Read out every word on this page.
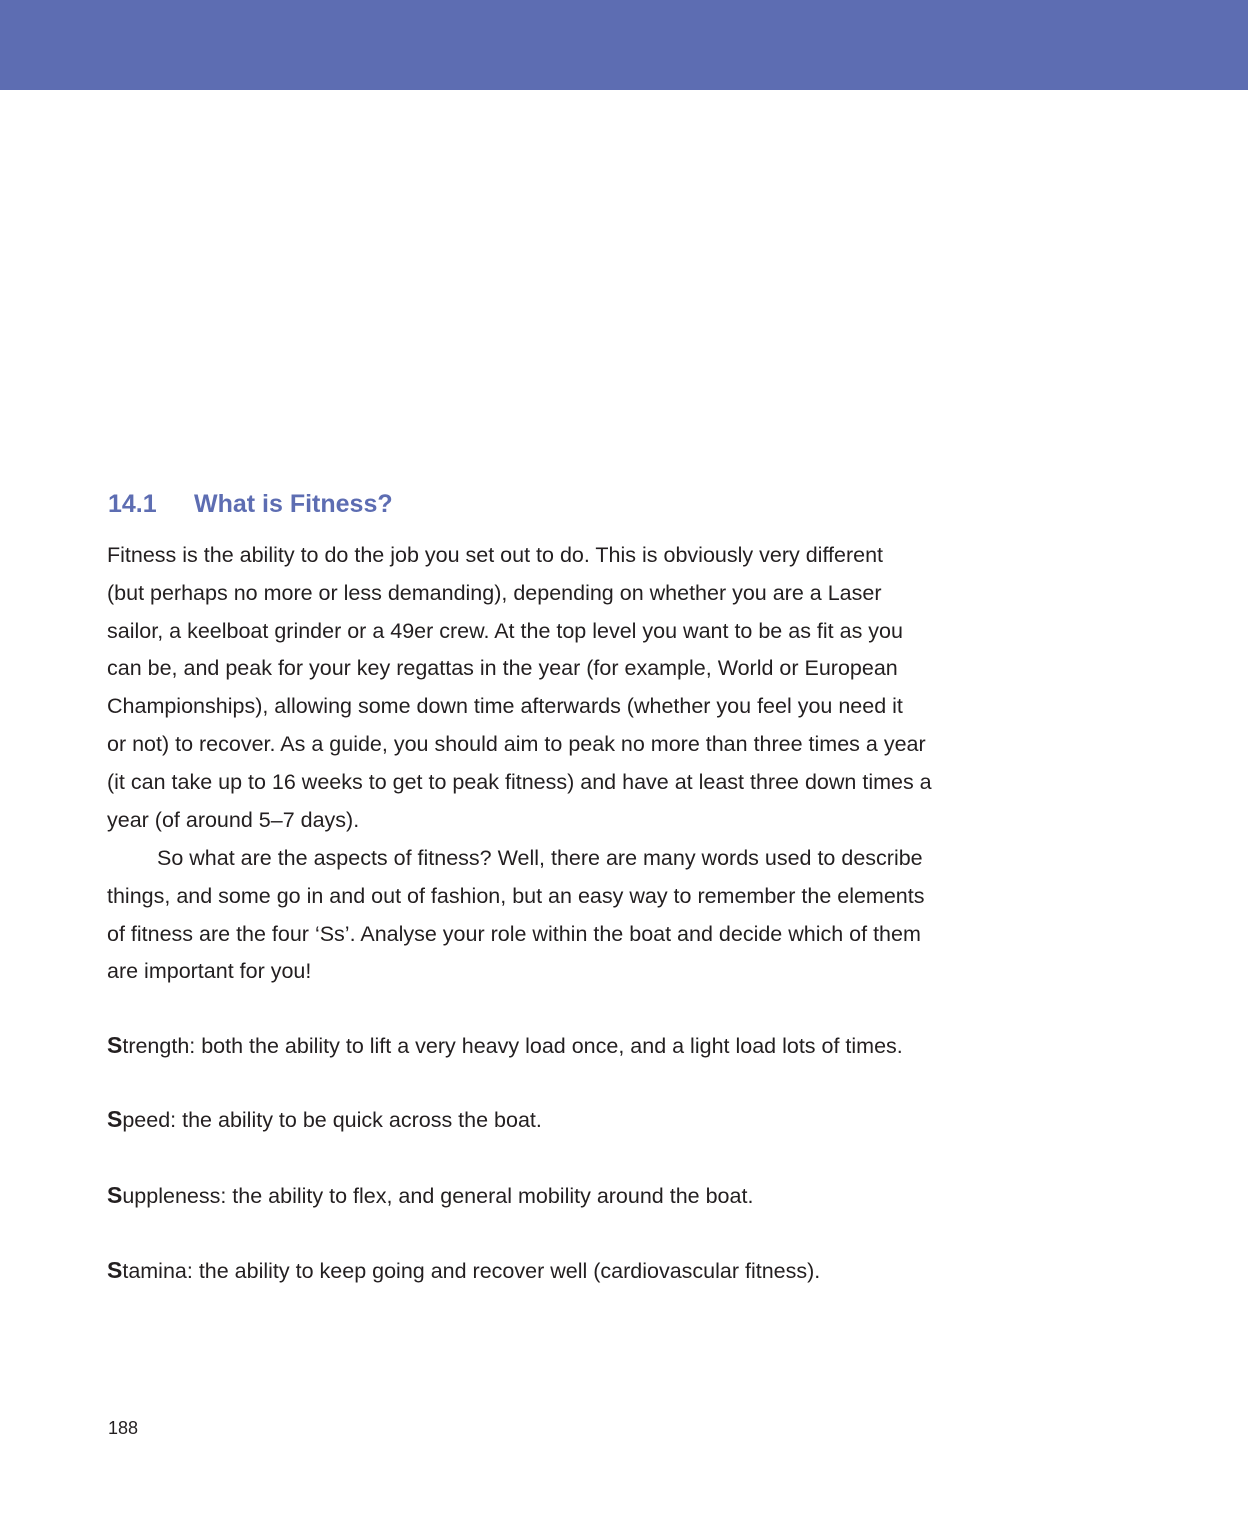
14.1 What is Fitness?
Fitness is the ability to do the job you set out to do. This is obviously very different
(but perhaps no more or less demanding), depending on whether you are a Laser
sailor, a keelboat grinder or a 49er crew. At the top level you want to be as fit as you
can be, and peak for your key regattas in the year (for example, World or European
Championships), allowing some down time afterwards (whether you feel you need it
or not) to recover. As a guide, you should aim to peak no more than three times a year
(it can take up to 16 weeks to get to peak fitness) and have at least three down times a
year (of around 5–7 days).
So what are the aspects of fitness? Well, there are many words used to describe
things, and some go in and out of fashion, but an easy way to remember the elements
of fitness are the four ‘Ss’. Analyse your role within the boat and decide which of them
are important for you!
Strength: both the ability to lift a very heavy load once, and a light load lots of times.
Speed: the ability to be quick across the boat.
Suppleness: the ability to flex, and general mobility around the boat.
Stamina: the ability to keep going and recover well (cardiovascular fitness).
188
